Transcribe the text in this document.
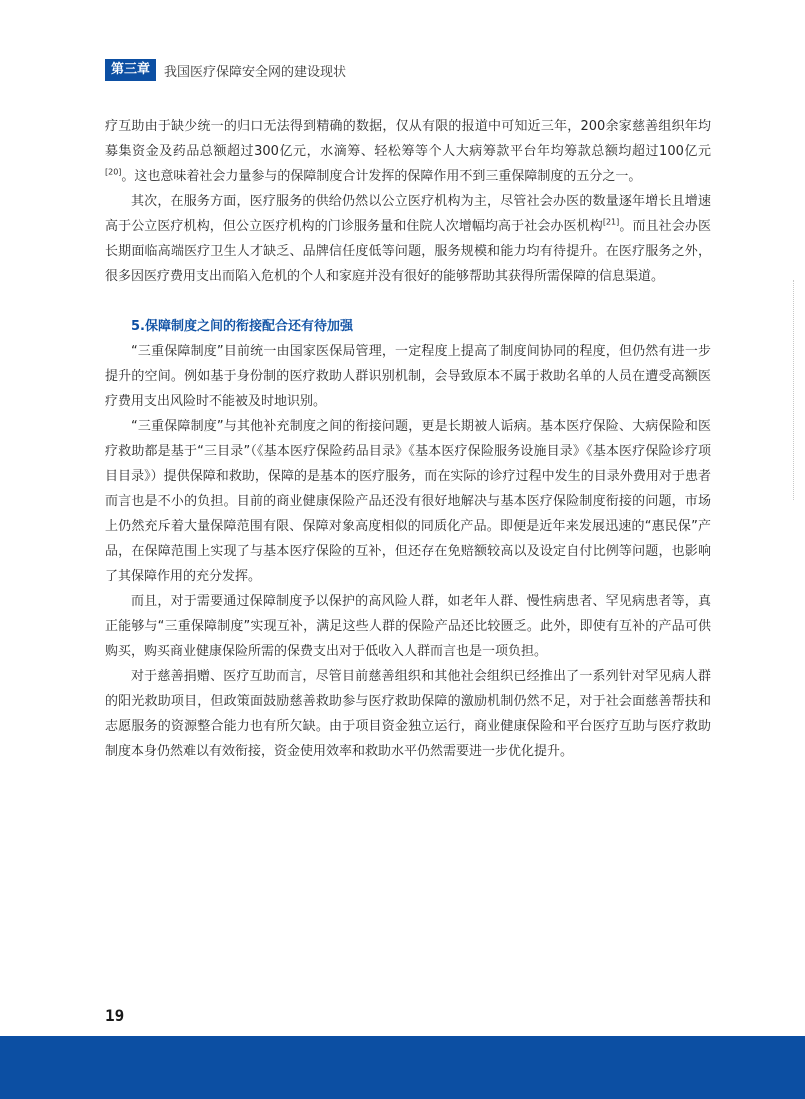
第三章	我国医疗保障安全网的建设现状

疗互助由于缺少统一的归口无法得到精确的数据，仅从有限的报道中可知近三年，200余家慈善组织年均募集资金及药品总额超过300亿元，水滴筹、轻松筹等个人大病筹款平台年均筹款总额均超过100亿元[20]。这也意味着社会力量参与的保障制度合计发挥的保障作用不到三重保障制度的五分之一。

其次，在服务方面，医疗服务的供给仍然以公立医疗机构为主，尽管社会办医的数量逐年增长且增速高于公立医疗机构，但公立医疗机构的门诊服务量和住院人次增幅均高于社会办医机构[21]。而且社会办医长期面临高端医疗卫生人才缺乏、品牌信任度低等问题，服务规模和能力均有待提升。在医疗服务之外，很多因医疗费用支出而陷入危机的个人和家庭并没有很好的能够帮助其获得所需保障的信息渠道。

5.保障制度之间的衔接配合还有待加强

“三重保障制度”目前统一由国家医保局管理，一定程度上提高了制度间协同的程度，但仍然有进一步提升的空间。例如基于身份制的医疗救助人群识别机制，会导致原本不属于救助名单的人员在遭受高额医疗费用支出风险时不能被及时地识别。

“三重保障制度”与其他补充制度之间的衔接问题，更是长期被人诟病。基本医疗保险、大病保险和医疗救助都是基于“三目录”（《基本医疗保险药品目录》《基本医疗保险服务设施目录》《基本医疗保险诊疗项目目录》）提供保障和救助，保障的是基本的医疗服务，而在实际的诊疗过程中发生的目录外费用对于患者而言也是不小的负担。目前的商业健康保险产品还没有很好地解决与基本医疗保险制度衔接的问题，市场上仍然充斥着大量保障范围有限、保障对象高度相似的同质化产品。即便是近年来发展迅速的“惠民保”产品，在保障范围上实现了与基本医疗保险的互补，但还存在免赔额较高以及设定自付比例等问题，也影响了其保障作用的充分发挥。

而且，对于需要通过保障制度予以保护的高风险人群，如老年人群、慢性病患者、罕见病患者等，真正能够与“三重保障制度”实现互补，满足这些人群的保险产品还比较匮乏。此外，即使有互补的产品可供购买，购买商业健康保险所需的保费支出对于低收入人群而言也是一项负担。

对于慈善捐赠、医疗互助而言，尽管目前慈善组织和其他社会组织已经推出了一系列针对罕见病人群的阳光救助项目，但政策面鼓励慈善救助参与医疗救助保障的激励机制仍然不足，对于社会面慈善帮扶和志愿服务的资源整合能力也有所欠缺。由于项目资金独立运行，商业健康保险和平台医疗互助与医疗救助制度本身仍然难以有效衔接，资金使用效率和救助水平仍然需要进一步优化提升。

19
